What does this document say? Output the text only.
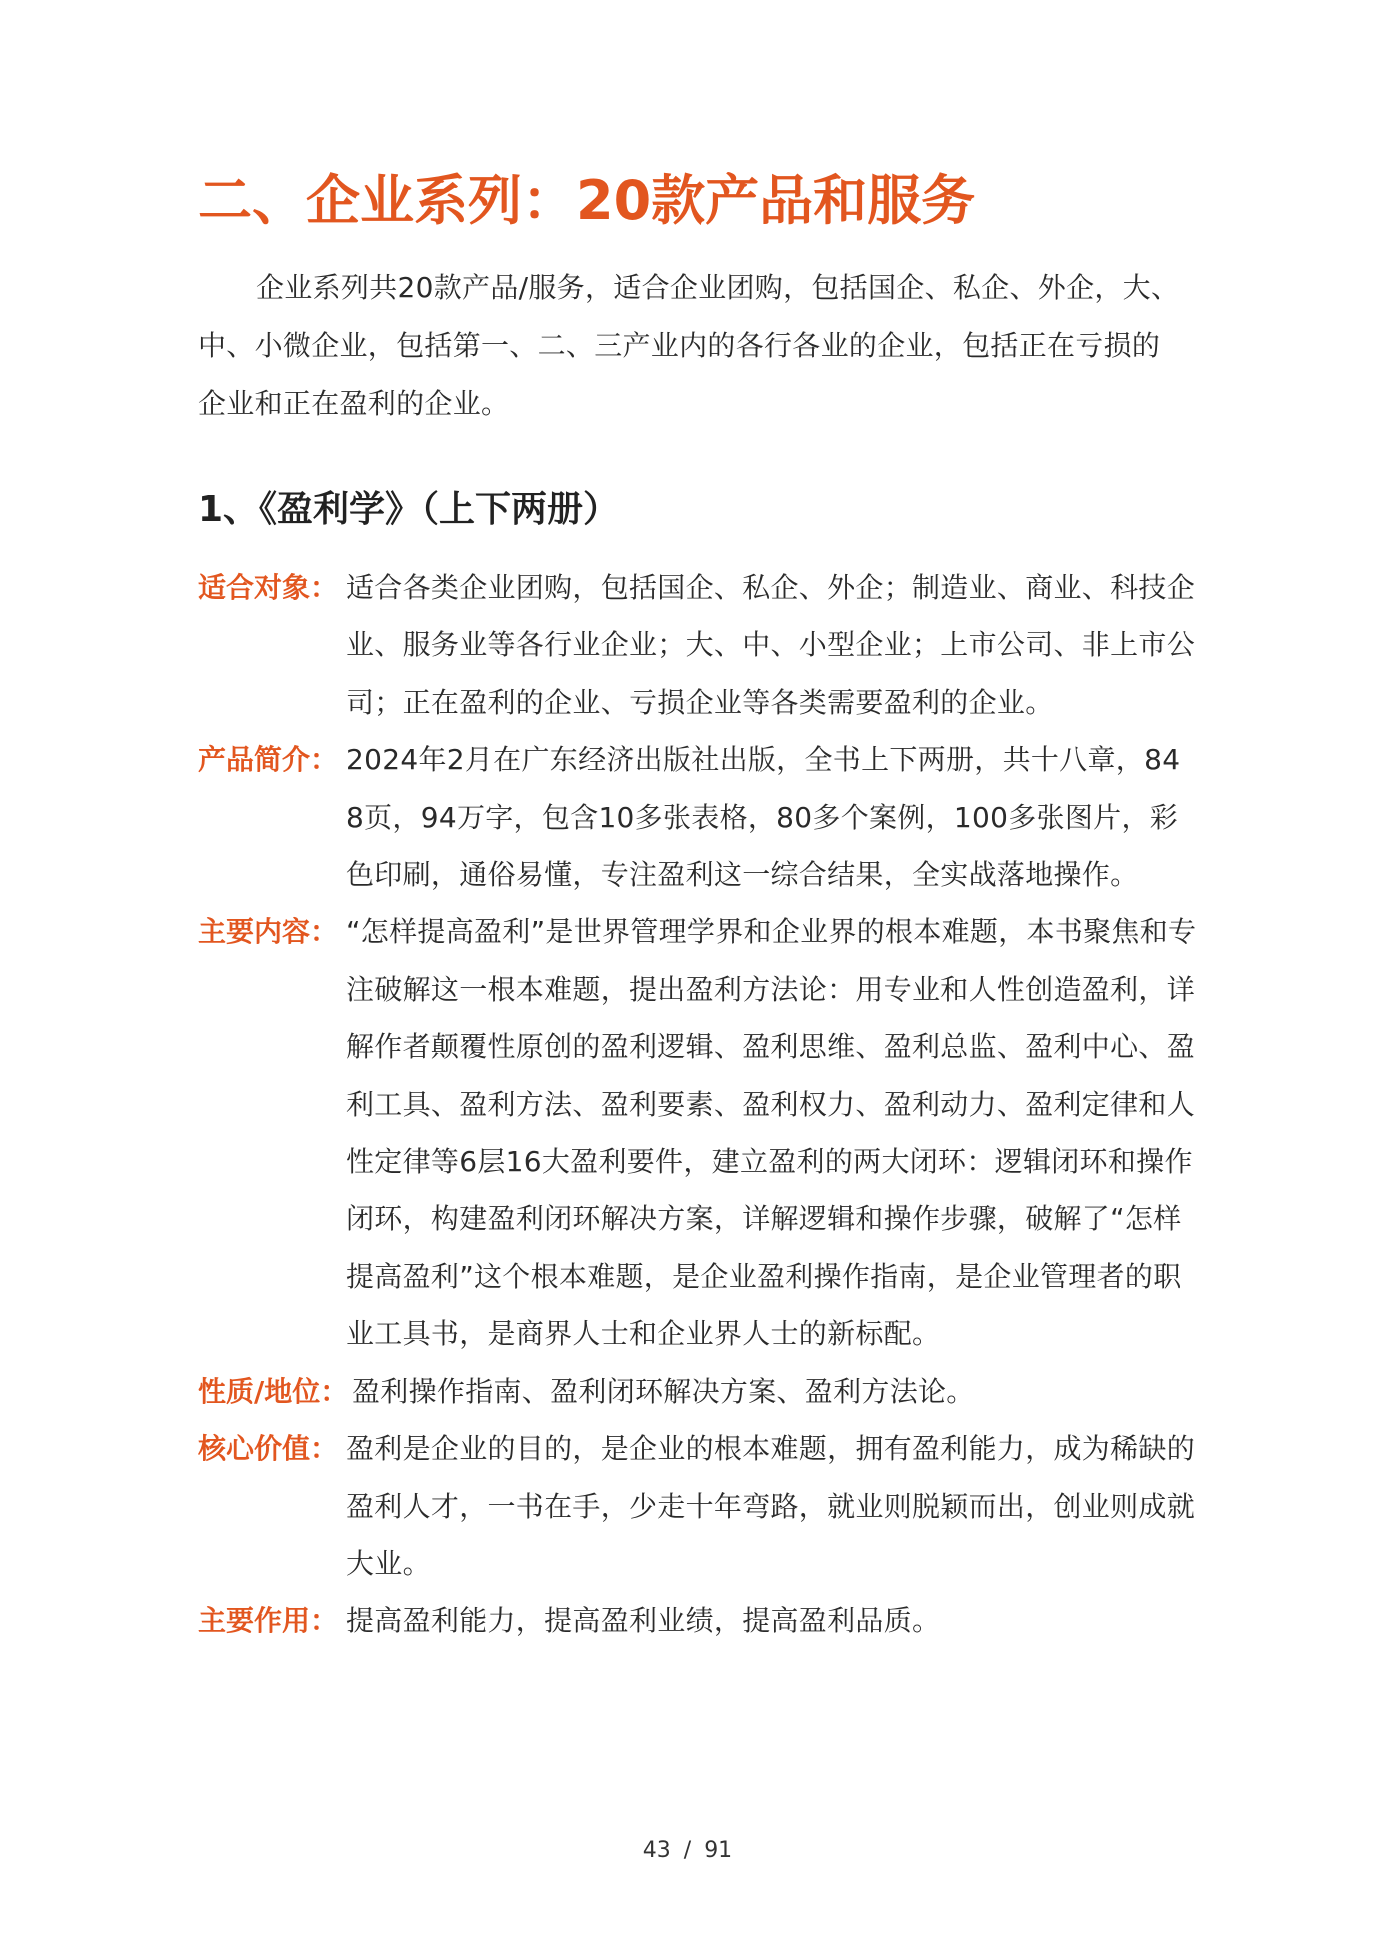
二、企业系列：20款产品和服务

企业系列共20款产品/服务，适合企业团购，包括国企、私企、外企，大、中、小微企业，包括第一、二、三产业内的各行各业的企业，包括正在亏损的企业和正在盈利的企业。

1、《盈利学》（上下两册）
适合对象： 适合各类企业团购，包括国企、私企、外企；制造业、商业、科技企业、服务业等各行业企业；大、中、小型企业；上市公司、非上市公司；正在盈利的企业、亏损企业等各类需要盈利的企业。
产品简介： 2024年2月在广东经济出版社出版，全书上下两册，共十八章，848页，94万字，包含10多张表格，80多个案例，100多张图片，彩色印刷，通俗易懂，专注盈利这一综合结果，全实战落地操作。
主要内容： “怎样提高盈利”是世界管理学界和企业界的根本难题，本书聚焦和专注破解这一根本难题，提出盈利方法论：用专业和人性创造盈利，详解作者颠覆性原创的盈利逻辑、盈利思维、盈利总监、盈利中心、盈利工具、盈利方法、盈利要素、盈利权力、盈利动力、盈利定律和人性定律等6层16大盈利要件，建立盈利的两大闭环：逻辑闭环和操作闭环，构建盈利闭环解决方案，详解逻辑和操作步骤，破解了“怎样提高盈利”这个根本难题，是企业盈利操作指南，是企业管理者的职业工具书，是商界人士和企业界人士的新标配。
性质/地位： 盈利操作指南、盈利闭环解决方案、盈利方法论。
核心价值： 盈利是企业的目的，是企业的根本难题，拥有盈利能力，成为稀缺的盈利人才，一书在手，少走十年弯路，就业则脱颖而出，创业则成就大业。
主要作用： 提高盈利能力，提高盈利业绩，提高盈利品质。
43 / 91
